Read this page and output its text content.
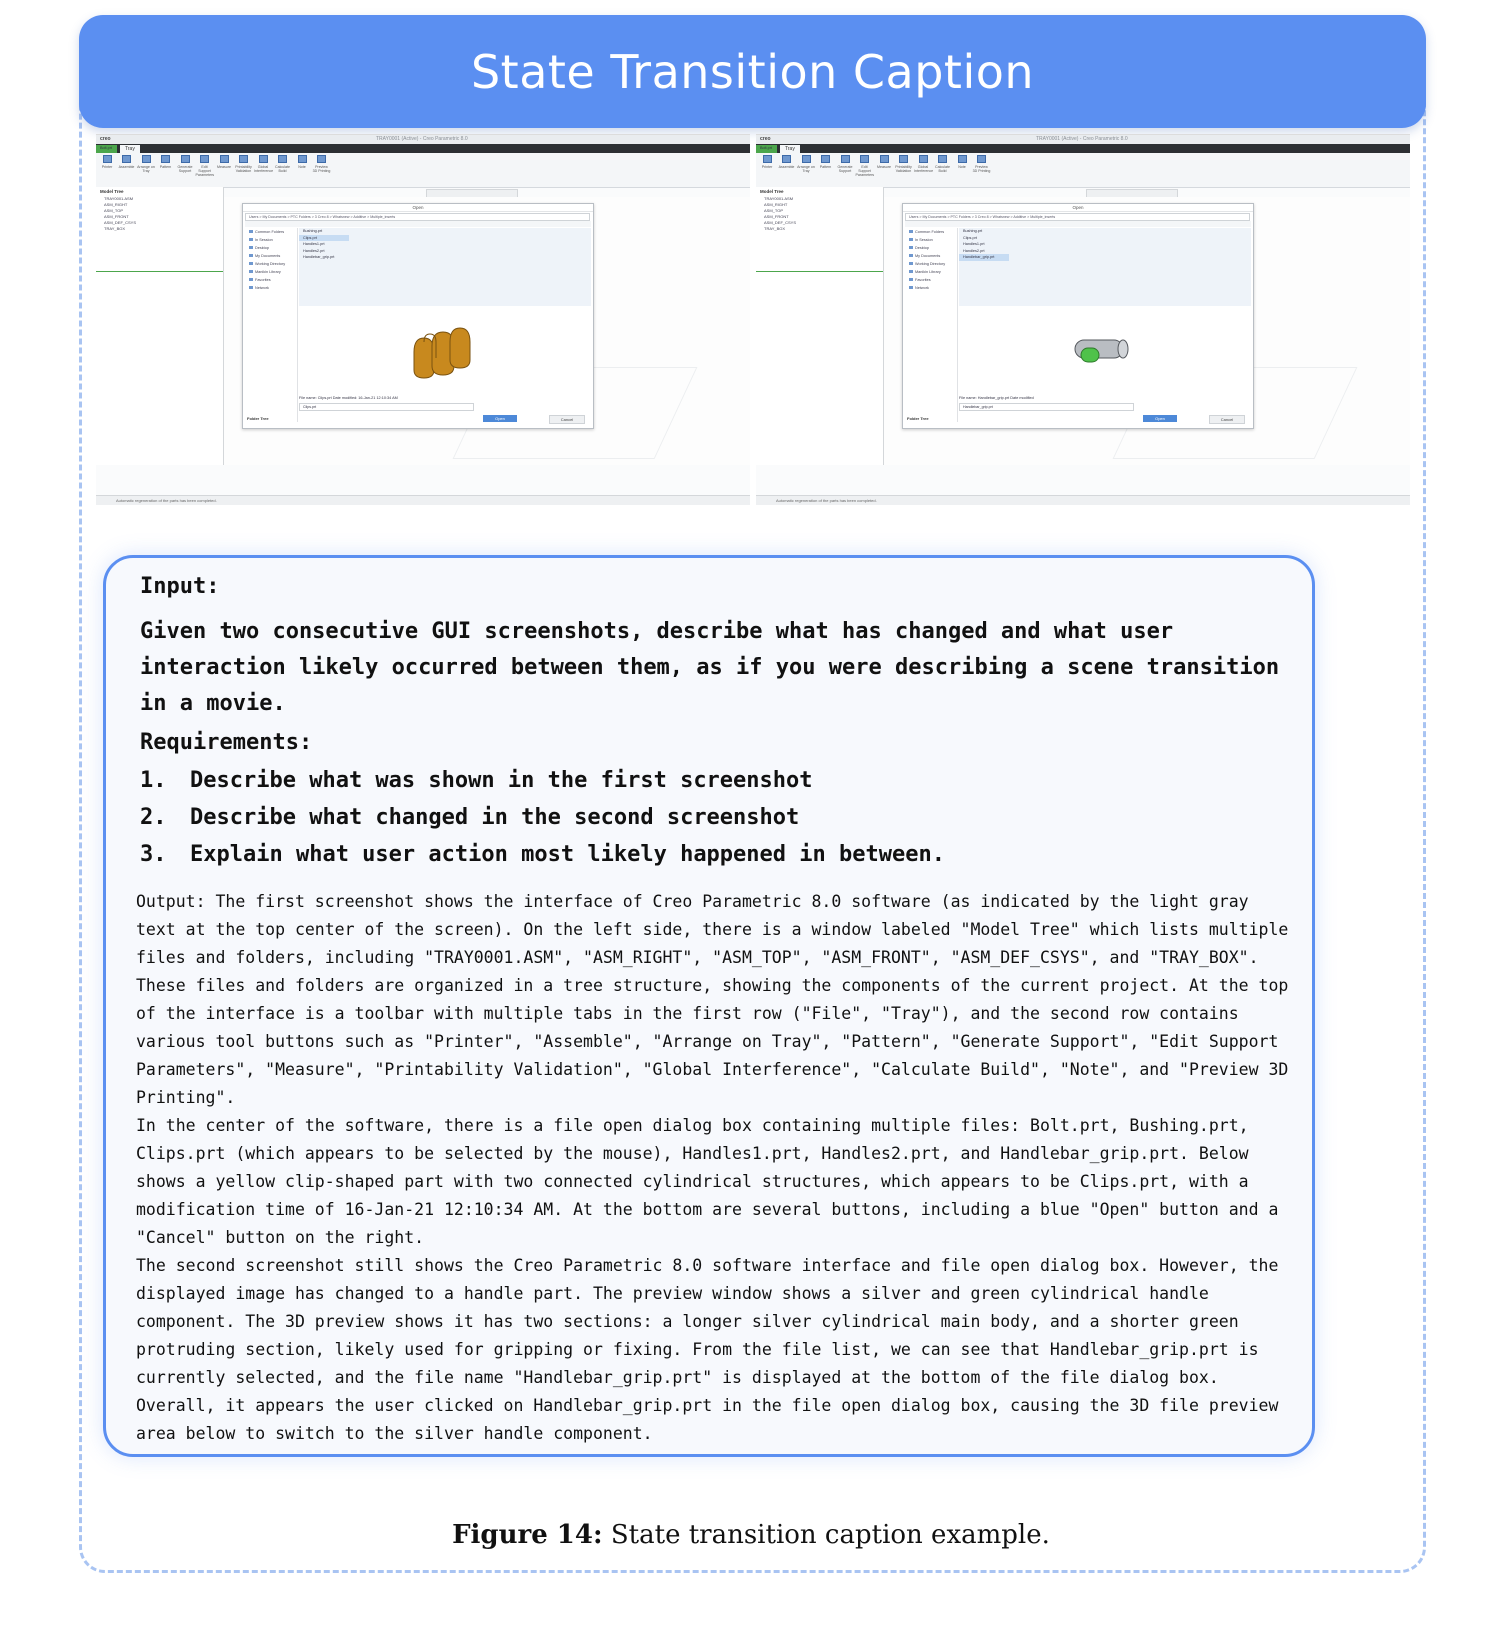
State Transition Caption
creo	TRAY0001 (Active) - Creo Parametric 8.0
Bolt.prt	Tray
Printer	Assemble Arrange on Tray
Pattern	Generate Support
Edit Support Parameters
Measure	Printability Validation
Global Interference
Calculate Build
Note	Preview 3D Printing
Model Tree
TRAY0001.ASM
ASM_RIGHT
ASM_TOP
ASM_FRONT
ASM_DEF_CSYS
TRAY_BOX
Open
Users > My Documents > PTC Folders > 3 Creo 8 > Whatsnew > Additive > Multiple_inserts
Common Folders
In Session
Desktop
My Documents
Working Directory
Manikin Library
Favorites
Network
Bushing.prt
Clips.prt
Handles1.prt
Handles2.prt
Handlebar_grip.prt
File name: Clips.prt Date modified: 16-Jan-21 12:10:34 AM
Clips.prt
Open	Cancel
Folder Tree
Automatic regeneration of the parts has been completed.
creo	TRAY0001 (Active) - Creo Parametric 8.0
Bolt.prt	Tray
Printer	Assemble Arrange on Tray
Pattern	Generate Support
Edit Support Parameters
Measure	Printability Validation
Global Interference
Calculate Build
Note	Preview 3D Printing
Model Tree
TRAY0001.ASM
ASM_RIGHT
ASM_TOP
ASM_FRONT
ASM_DEF_CSYS
TRAY_BOX
Open
Users > My Documents > PTC Folders > 3 Creo 8 > Whatsnew > Additive > Multiple_inserts
Common Folders
In Session
Desktop
My Documents
Working Directory
Manikin Library
Favorites
Network
Bushing.prt
Clips.prt
Handles1.prt
Handles2.prt
Handlebar_grip.prt
File name: Handlebar_grip.prt Date modified
Handlebar_grip.prt
Open	Cancel
Folder Tree
Automatic regeneration of the parts has been completed.
Input:
Given two consecutive GUI screenshots, describe what has changed and what user interaction likely occurred between them, as if you were describing a scene transition in a movie.
Requirements:
1.	Describe what was shown in the first screenshot
2.	Describe what changed in the second screenshot
3.	Explain what user action most likely happened in between.

Output: The first screenshot shows the interface of Creo Parametric 8.0 software (as indicated by the light gray text at the top center of the screen). On the left side, there is a window labeled "Model Tree" which lists multiple files and folders, including "TRAY0001.ASM", "ASM_RIGHT", "ASM_TOP", "ASM_FRONT", "ASM_DEF_CSYS", and "TRAY_BOX". These files and folders are organized in a tree structure, showing the components of the current project. At the top of the interface is a toolbar with multiple tabs in the first row ("File", "Tray"), and the second row contains various tool buttons such as "Printer", "Assemble", "Arrange on Tray", "Pattern", "Generate Support", "Edit Support Parameters", "Measure", "Printability Validation", "Global Interference", "Calculate Build", "Note", and "Preview 3D Printing".

In the center of the software, there is a file open dialog box containing multiple files: Bolt.prt, Bushing.prt, Clips.prt (which appears to be selected by the mouse), Handles1.prt, Handles2.prt, and Handlebar_grip.prt. Below shows a yellow clip-shaped part with two connected cylindrical structures, which appears to be Clips.prt, with a modification time of 16-Jan-21 12:10:34 AM. At the bottom are several buttons, including a blue "Open" button and a "Cancel" button on the right.

The second screenshot still shows the Creo Parametric 8.0 software interface and file open dialog box. However, the displayed image has changed to a handle part. The preview window shows a silver and green cylindrical handle component. The 3D preview shows it has two sections: a longer silver cylindrical main body, and a shorter green protruding section, likely used for gripping or fixing. From the file list, we can see that Handlebar_grip.prt is currently selected, and the file name "Handlebar_grip.prt" is displayed at the bottom of the file dialog box. Overall, it appears the user clicked on Handlebar_grip.prt in the file open dialog box, causing the 3D file preview area below to switch to the silver handle component.

Figure 14: State transition caption example.
